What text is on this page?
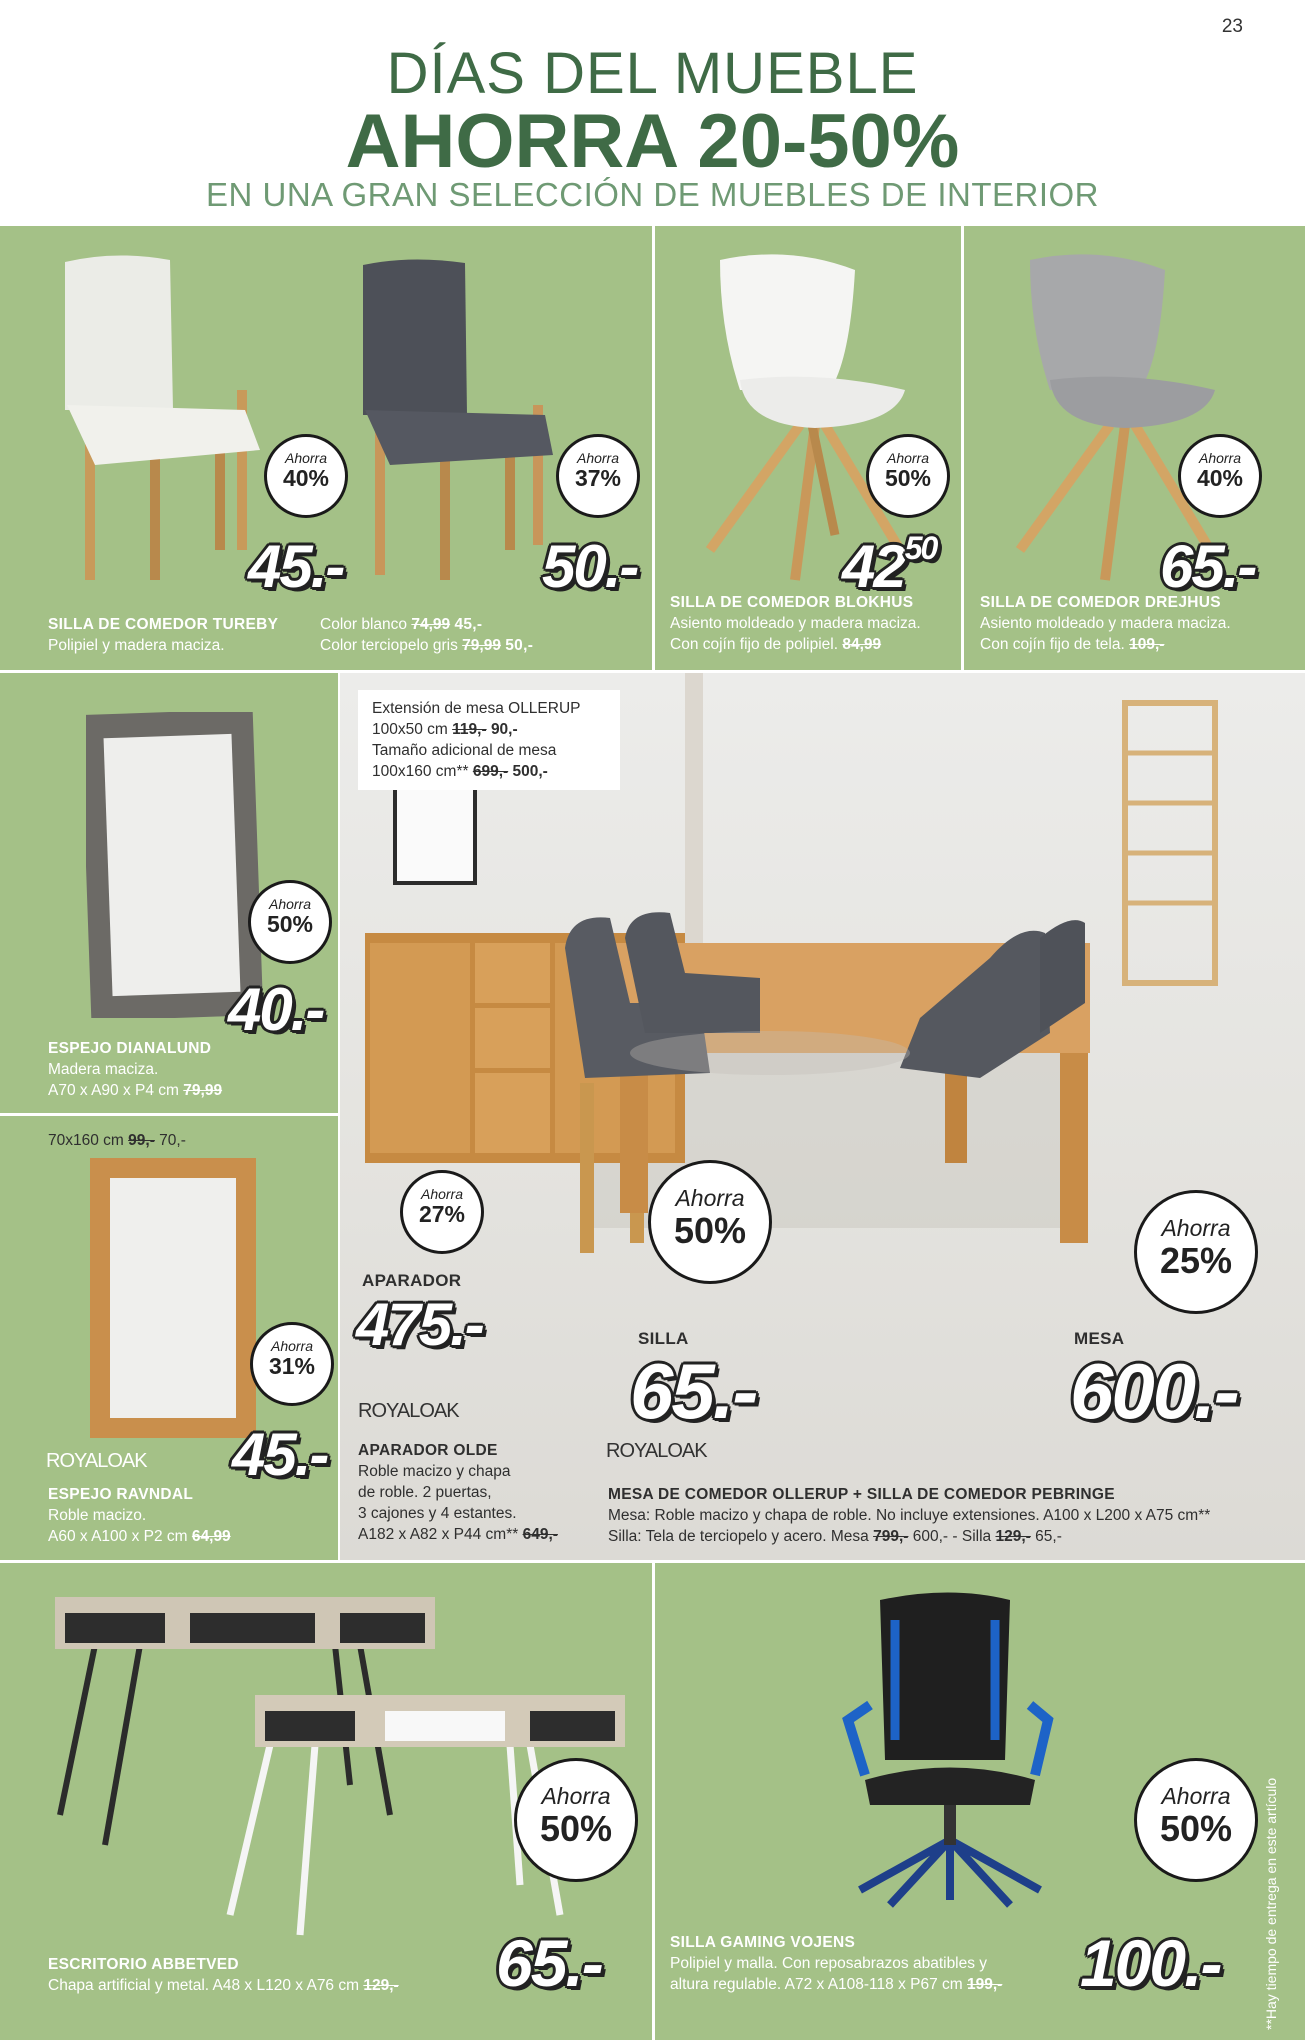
23
DÍAS DEL MUEBLE
AHORRA 20-50%
EN UNA GRAN SELECCIÓN DE MUEBLES DE INTERIOR
Ahorra
40%
Ahorra
37%
45.-	50.-
SILLA DE COMEDOR TUREBY
Polipiel y madera maciza.
Color blanco 74,99 45,-
Color terciopelo gris 79,99 50,-
Ahorra
50%
$42^{50}$
SILLA DE COMEDOR BLOKHUS
Asiento moldeado y madera maciza.
Con cojín fijo de polipiel. 84,99
Ahorra
40%
65.-
SILLA DE COMEDOR DREJHUS
Asiento moldeado y madera maciza.
Con cojín fijo de tela. 109,-
Ahorra
50%
40.-
ESPEJO DIANALUND
Madera maciza.
A70 x A90 x P4 cm 79,99
70x160 cm 99,- 70,-
Ahorra
31%
45.-
ROYALOAK
ESPEJO RAVNDAL
Roble macizo.
A60 x A100 x P2 cm 64,99
Extensión de mesa OLLERUP
100x50 cm 119,- 90,-
Tamaño adicional de mesa
100x160 cm** 699,- 500,-
Ahorra
27%
APARADOR
475.-
ROYALOAK
APARADOR OLDE
Roble macizo y chapa
de roble. 2 puertas,
3 cajones y 4 estantes.
A182 x A82 x P44 cm** 649,-
Ahorra
50%
SILLA
65.-
Ahorra
25%
MESA
600.-
ROYALOAK
MESA DE COMEDOR OLLERUP + SILLA DE COMEDOR PEBRINGE
Mesa: Roble macizo y chapa de roble. No incluye extensiones. A100 x L200 x A75 cm**
Silla: Tela de terciopelo y acero. Mesa 799,- 600,- - Silla 129,- 65,-
Ahorra
50%
65.-
ESCRITORIO ABBETVED
Chapa artificial y metal. A48 x L120 x A76 cm 129,-
Ahorra
50%
100.-
SILLA GAMING VOJENS
Polipiel y malla. Con reposabrazos abatibles y
altura regulable. A72 x A108-118 x P67 cm 199,-	**Hay tiempo de entrega en este artículo
